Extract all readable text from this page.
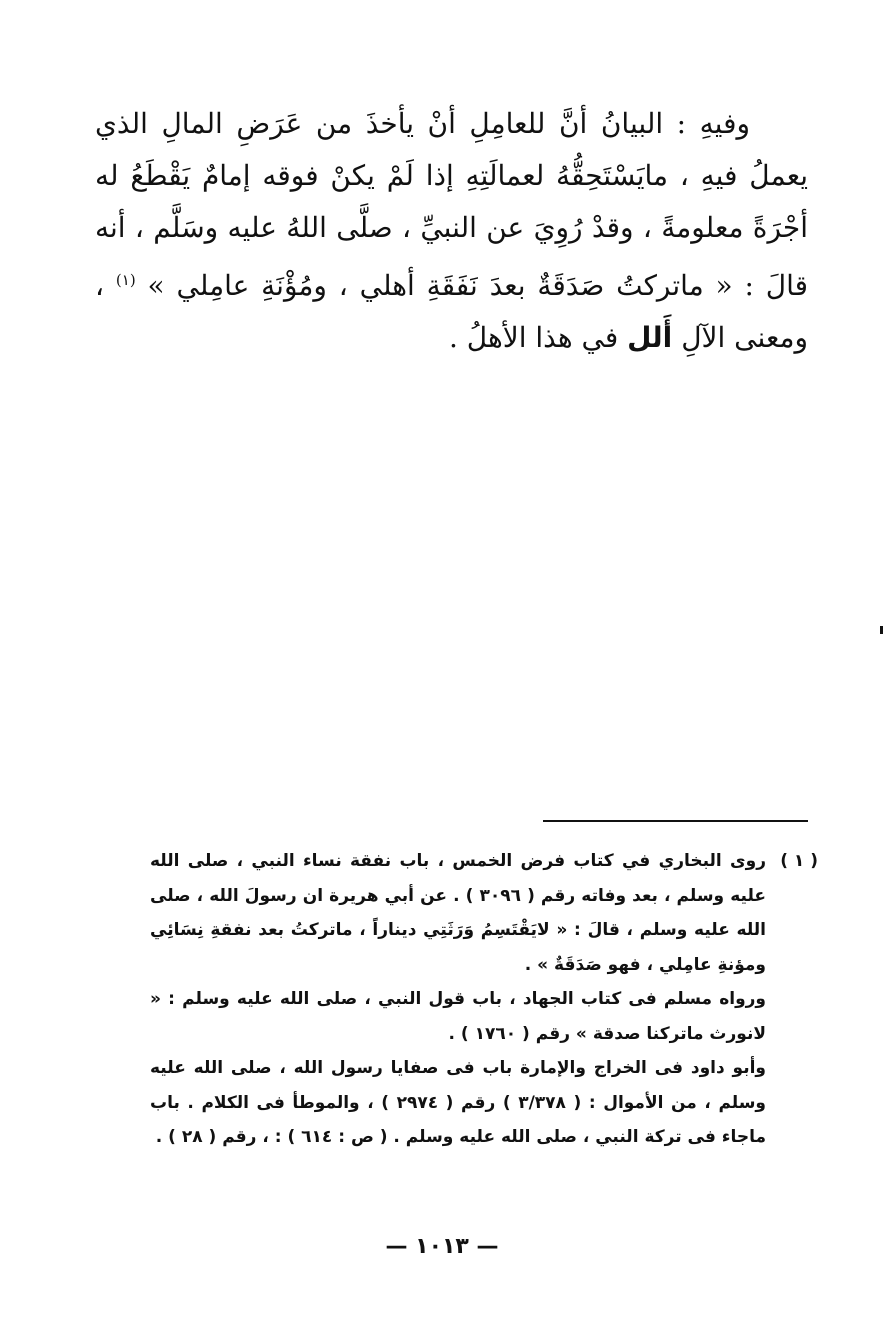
وفيهِ : البيانُ أنَّ للعامِلِ أنْ يأخذَ من عَرَضِ المالِ الذي يعملُ فيهِ ، مايَسْتَحِقُّهُ لعمالَتِهِ إذا لَمْ يكنْ فوقه إمامٌ يَقْطَعُ له أجْرَةً معلومةً ، وقدْ رُوِيَ عن النبيِّ ، صلَّى اللهُ عليه وسَلَّم ، أنه قالَ : « ماتركتُ صَدَقَةٌ بعدَ نَفَقَةِ أهلي ، ومُؤْنَةِ عامِلي » $^{(١)}$ ، ومعنى الآلِ أَلل في هذا الأهلُ .

( ١ )

روى البخاري في كتاب فرض الخمس ، باب نفقة نساء النبي ، صلى الله عليه وسلم ، بعد وفاته رقم ( ٣٠٩٦ ) . عن أبي هريرة ان رسولَ الله ، صلى الله عليه وسلم ، قالَ : « لايَقْتَسِمُ وَرَثَتِي ديناراً ، ماتركتُ بعد نفقةِ نِسَائِي ومؤنةِ عامِلي ، فهو صَدَقَةٌ » .

ورواه مسلم فى كتاب الجهاد ، باب قول النبي ، صلى الله عليه وسلم : « لانورث ماتركنا صدقة » رقم ( ١٧٦٠ ) .

وأبو داود فى الخراج والإمارة باب فى صفايا رسول الله ، صلى الله عليه وسلم ، من الأموال : ( ٣/٣٧٨ ) رقم ( ٢٩٧٤ ) ، والموطأ فى الكلام . باب ماجاء فى تركة النبي ، صلى الله عليه وسلم . ( ص : ٦١٤ ) : ، رقم ( ٢٨ ) .

— ١٠١٣ —
